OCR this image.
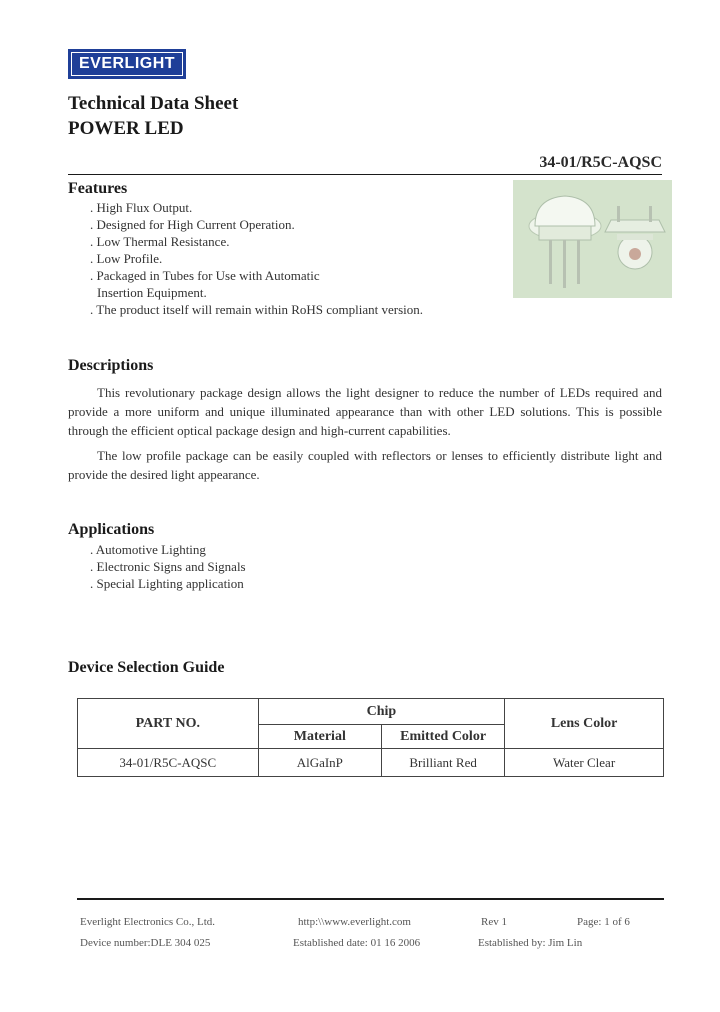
EVERLIGHT
Technical Data Sheet
POWER LED
34-01/R5C-AQSC
Features
. High Flux Output.
. Designed for High Current Operation.
. Low Thermal Resistance.
. Low Profile.
. Packaged in Tubes for Use with Automatic
Insertion Equipment.
. The product itself will remain within RoHS compliant version.
Descriptions

This revolutionary package design allows the light designer to reduce the number of LEDs required and provide a more uniform and unique illuminated appearance than with other LED solutions. This is possible through the efficient optical package design and high-current capabilities.

The low profile package can be easily coupled with reflectors or lenses to efficiently distribute light and provide the desired light appearance.

Applications
. Automotive Lighting
. Electronic Signs and Signals
. Special Lighting application
Device Selection Guide
PART NO.	Chip		Lens Color
	Material	Emitted Color	
34-01/R5C-AQSC	AlGaInP	Brilliant Red	Water Clear
Everlight Electronics Co., Ltd.	http:\\www.everlight.com	Rev 1	Page: 1 of 6
Device number:DLE 304 025	Established date: 01 16 2006	Established by: Jim Lin
